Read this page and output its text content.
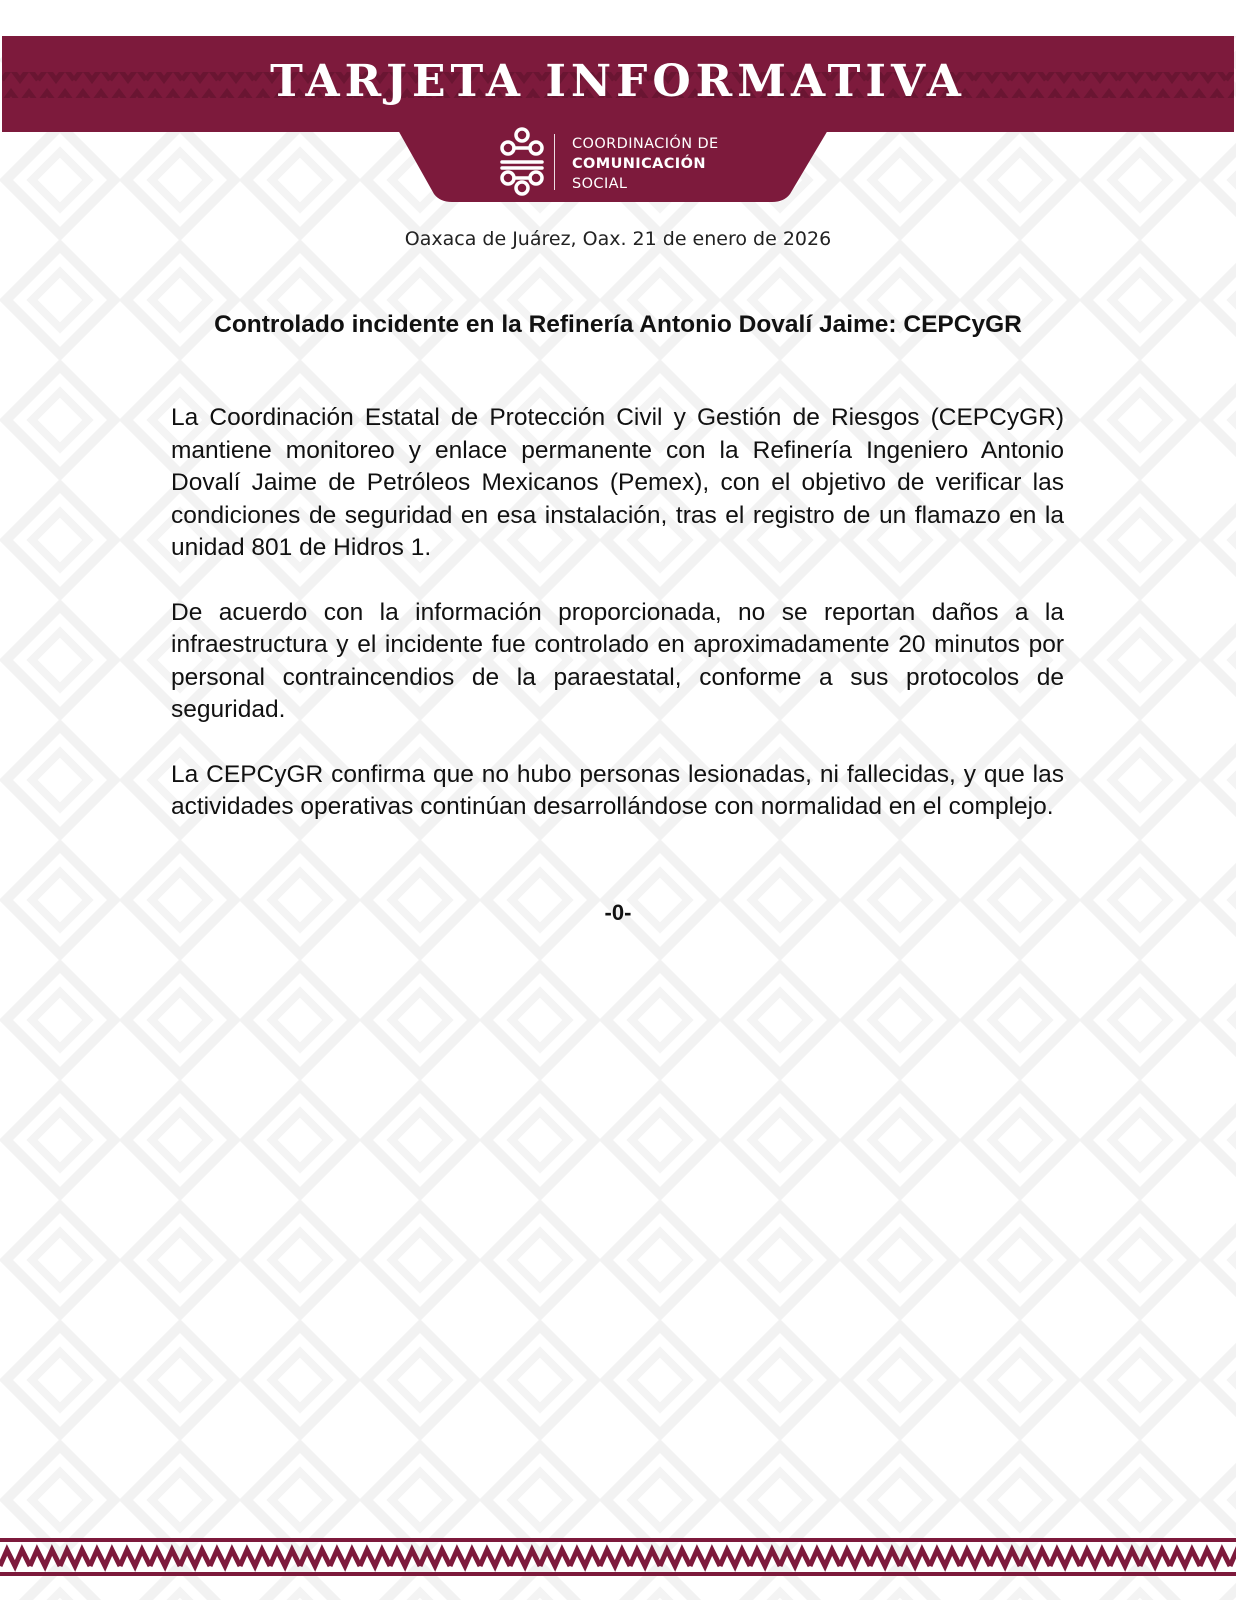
TARJETA INFORMATIVA
COORDINACIÓN DE
COMUNICACIÓN
SOCIAL
Oaxaca de Juárez, Oax. 21 de enero de 2026
Controlado incidente en la Refinería Antonio Dovalí Jaime: CEPCyGR

La Coordinación Estatal de Protección Civil y Gestión de Riesgos (CEPCyGR) mantiene monitoreo y enlace permanente con la Refinería Ingeniero Antonio Dovalí Jaime de Petróleos Mexicanos (Pemex), con el objetivo de verificar las condiciones de seguridad en esa instalación, tras el registro de un flamazo en la unidad 801 de Hidros 1.

De acuerdo con la información proporcionada, no se reportan daños a la infraestructura y el incidente fue controlado en aproximadamente 20 minutos por personal contraincendios de la paraestatal, conforme a sus protocolos de seguridad.

La CEPCyGR confirma que no hubo personas lesionadas, ni fallecidas, y que las actividades operativas continúan desarrollándose con normalidad en el complejo.

-0-
